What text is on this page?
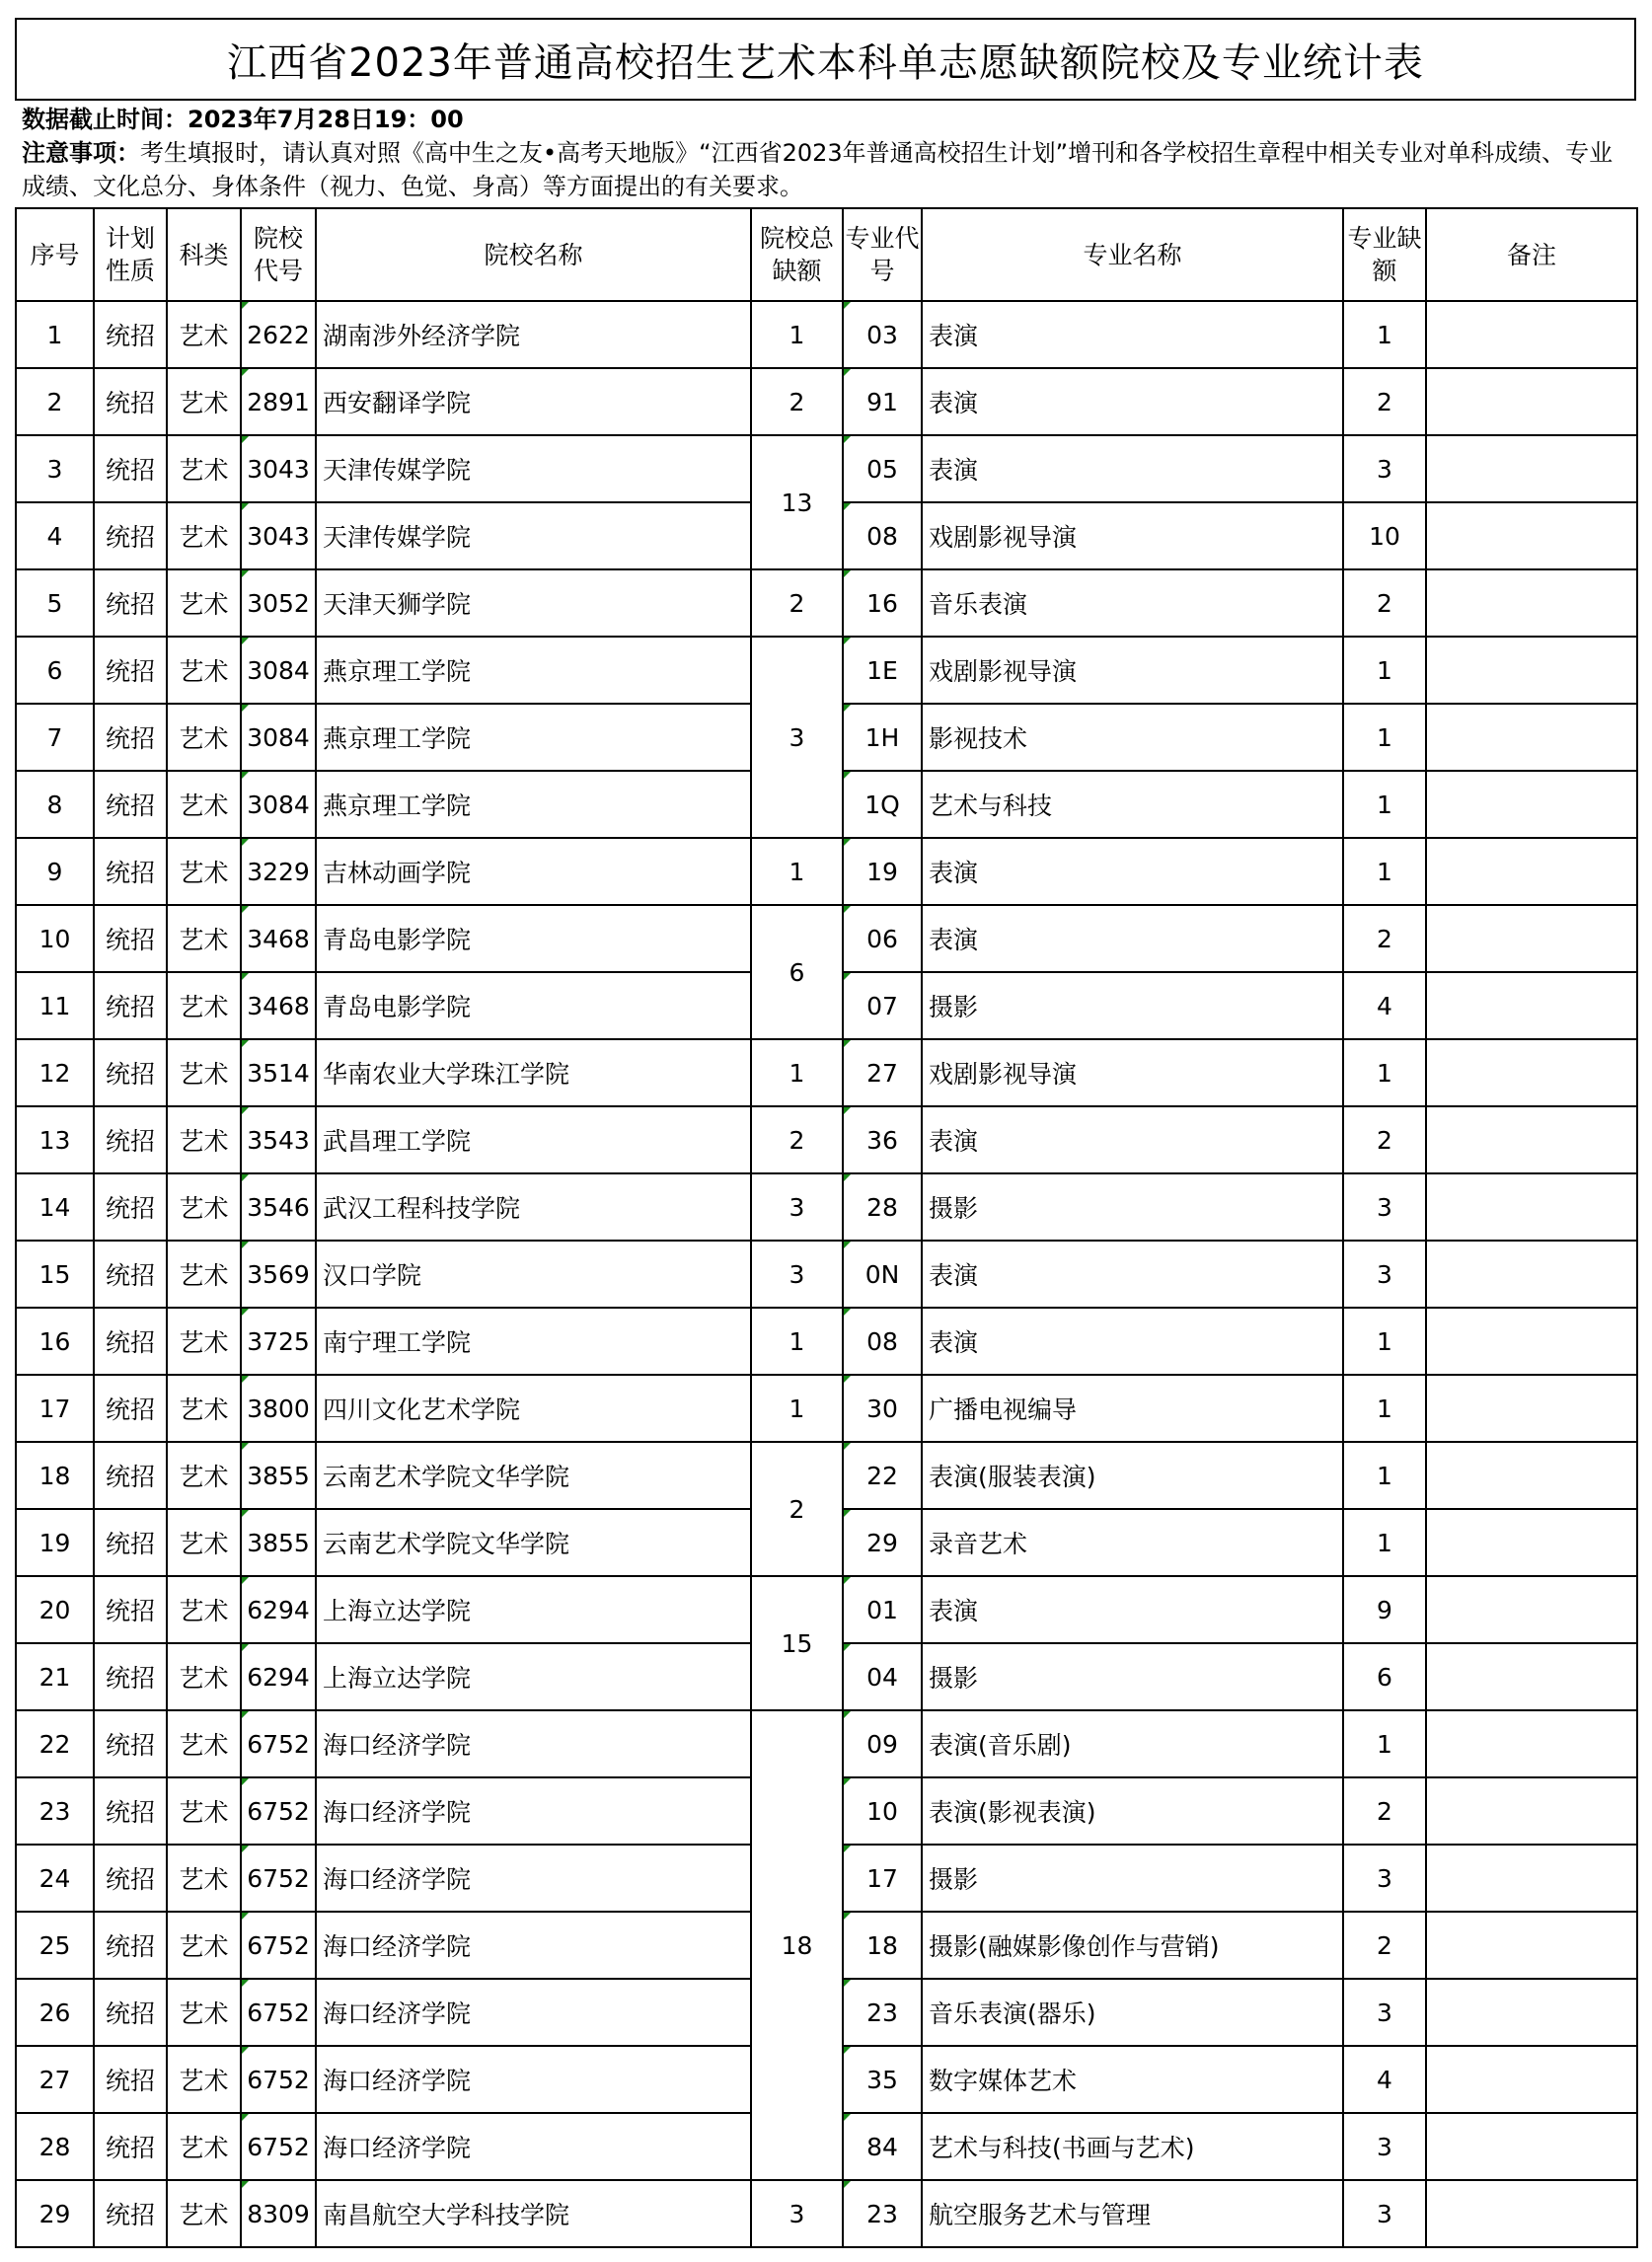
江西省2023年普通高校招生艺术本科单志愿缺额院校及专业统计表
数据截止时间：2023年7月28日19：00
注意事项：考生填报时，请认真对照《高中生之友•高考天地版》“江西省2023年普通高校招生计划”增刊和各学校招生章程中相关专业对单科成绩、专业成绩、文化总分、身体条件（视力、色觉、身高）等方面提出的有关要求。
序号	计划性质	科类	院校代号	院校名称	院校总缺额	专业代号	专业名称	专业缺额	备注
1	统招	艺术	2622	湖南涉外经济学院	1	03	表演	1	
2	统招	艺术	2891	西安翻译学院	2	91	表演	2	
3	统招	艺术	3043	天津传媒学院	13	05	表演	3	
4	统招	艺术	3043	天津传媒学院		08	戏剧影视导演	10	
5	统招	艺术	3052	天津天狮学院	2	16	音乐表演	2	
6	统招	艺术	3084	燕京理工学院	3	1E	戏剧影视导演	1	
7	统招	艺术	3084	燕京理工学院		1H	影视技术	1	
8	统招	艺术	3084	燕京理工学院		1Q	艺术与科技	1	
9	统招	艺术	3229	吉林动画学院	1	19	表演	1	
10	统招	艺术	3468	青岛电影学院	6	06	表演	2	
11	统招	艺术	3468	青岛电影学院		07	摄影	4	
12	统招	艺术	3514	华南农业大学珠江学院	1	27	戏剧影视导演	1	
13	统招	艺术	3543	武昌理工学院	2	36	表演	2	
14	统招	艺术	3546	武汉工程科技学院	3	28	摄影	3	
15	统招	艺术	3569	汉口学院	3	0N	表演	3	
16	统招	艺术	3725	南宁理工学院	1	08	表演	1	
17	统招	艺术	3800	四川文化艺术学院	1	30	广播电视编导	1	
18	统招	艺术	3855	云南艺术学院文华学院	2	22	表演(服装表演)	1	
19	统招	艺术	3855	云南艺术学院文华学院		29	录音艺术	1	
20	统招	艺术	6294	上海立达学院	15	01	表演	9	
21	统招	艺术	6294	上海立达学院		04	摄影	6	
22	统招	艺术	6752	海口经济学院	18	09	表演(音乐剧)	1	
23	统招	艺术	6752	海口经济学院		10	表演(影视表演)	2	
24	统招	艺术	6752	海口经济学院		17	摄影	3	
25	统招	艺术	6752	海口经济学院		18	摄影(融媒影像创作与营销)	2	
26	统招	艺术	6752	海口经济学院		23	音乐表演(器乐)	3	
27	统招	艺术	6752	海口经济学院		35	数字媒体艺术	4	
28	统招	艺术	6752	海口经济学院		84	艺术与科技(书画与艺术)	3	
29	统招	艺术	8309	南昌航空大学科技学院	3	23	航空服务艺术与管理	3	
